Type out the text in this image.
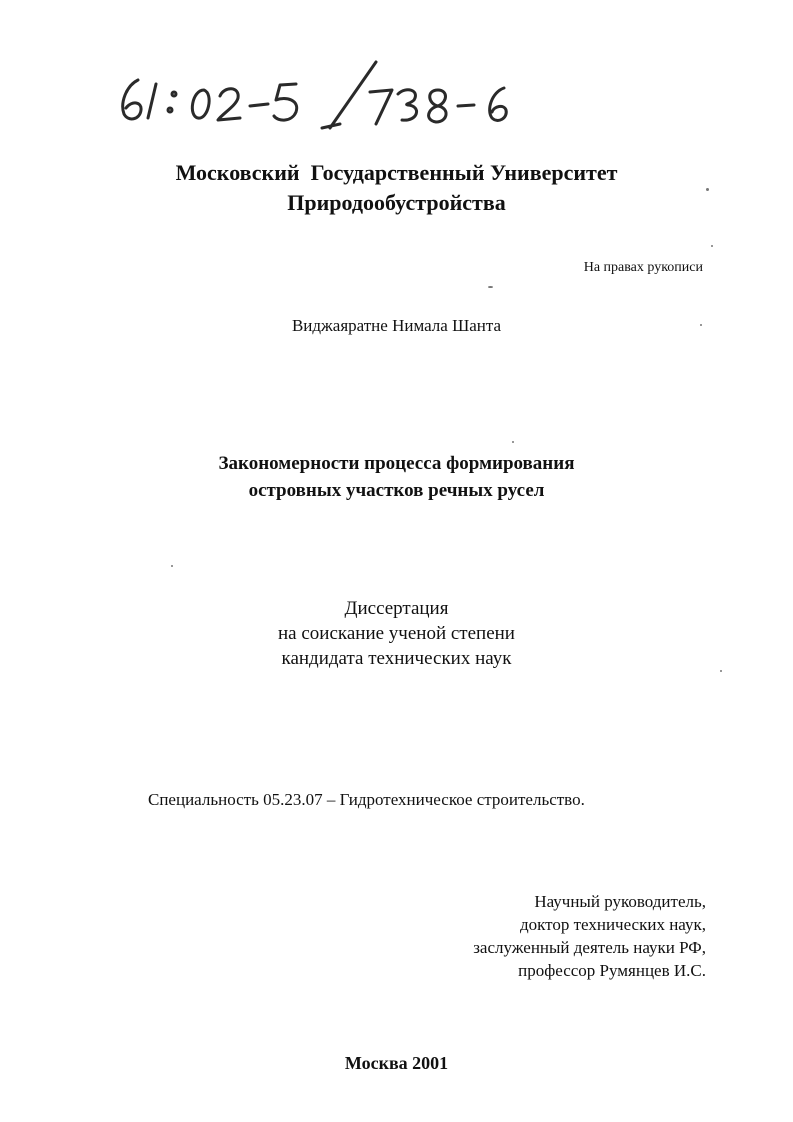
Московский  Государственный Университет
Природообустройства
На правах рукописи
Виджаяратне Нимала Шанта
Закономерности процесса формирования
островных участков речных русел
Диссертация
на соискание ученой степени
кандидата технических наук
Специальность 05.23.07 – Гидротехническое строительство.
Научный руководитель,
доктор технических наук,
заслуженный деятель науки РФ,
профессор Румянцев И.С.
Москва 2001
